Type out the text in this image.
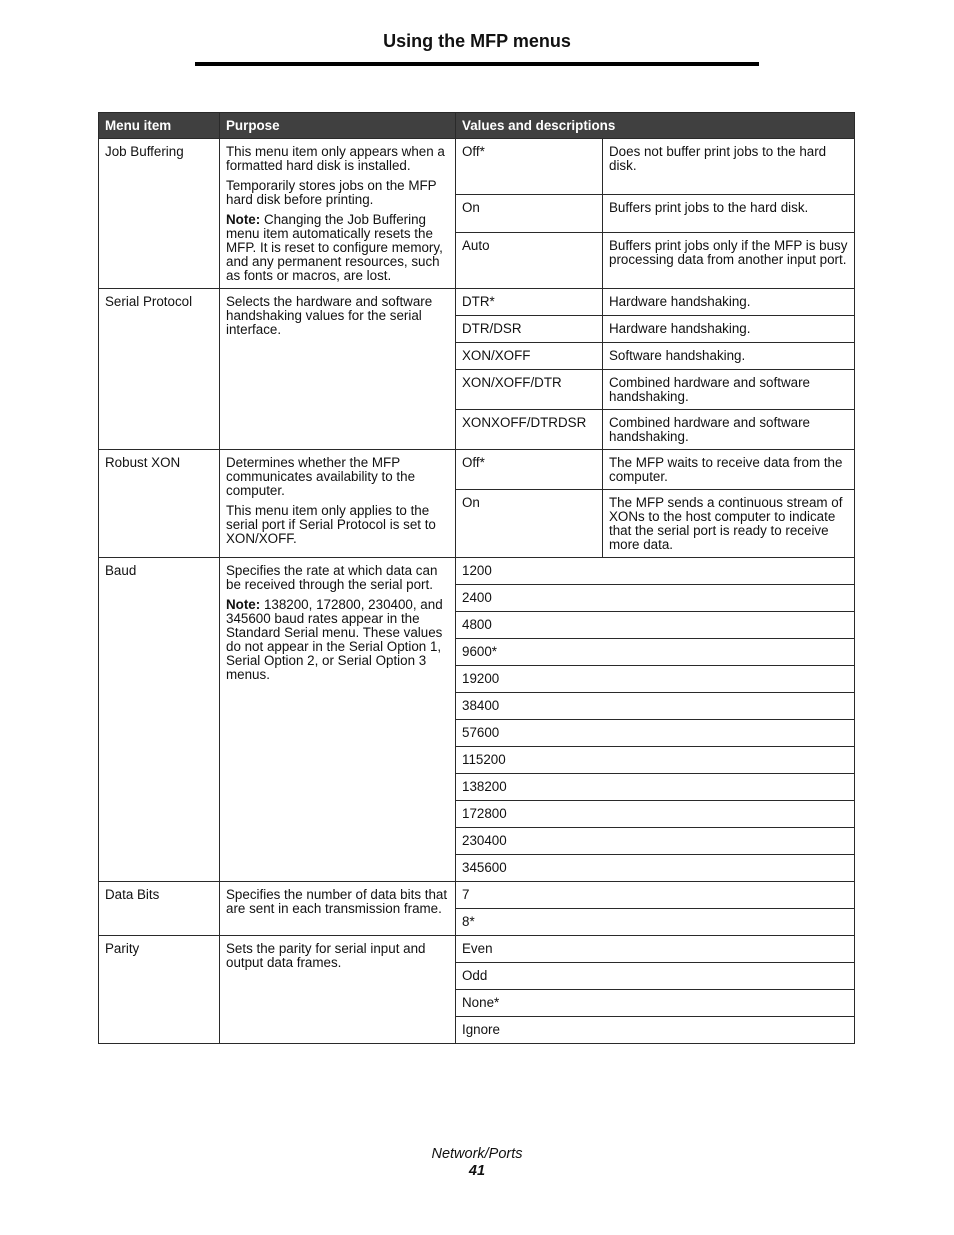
Using the MFP menus
Menu item	Purpose	Values and descriptions	
Job Buffering	This menu item only appears when a formatted hard disk is installed.

Temporarily stores jobs on the MFP hard disk before printing.

Note: Changing the Job Buffering menu item automatically resets the MFP. It is reset to configure memory, and any permanent resources, such as fonts or macros, are lost.	Off*	Does not buffer print jobs to the hard disk.
		On	Buffers print jobs to the hard disk.
		Auto	Buffers print jobs only if the MFP is busy processing data from another input port.
Serial Protocol	Selects the hardware and software handshaking values for the serial interface.	DTR*	Hardware handshaking.
		DTR/DSR	Hardware handshaking.
		XON/XOFF	Software handshaking.
		XON/XOFF/DTR	Combined hardware and software handshaking.
		XONXOFF/DTRDSR	Combined hardware and software handshaking.
Robust XON	Determines whether the MFP communicates availability to the computer.

This menu item only applies to the serial port if Serial Protocol is set to XON/XOFF.	Off*	The MFP waits to receive data from the computer.
		On	The MFP sends a continuous stream of XONs to the host computer to indicate that the serial port is ready to receive more data.
Baud	Specifies the rate at which data can be received through the serial port.

Note: 138200, 172800, 230400, and 345600 baud rates appear in the Standard Serial menu. These values do not appear in the Serial Option 1, Serial Option 2, or Serial Option 3 menus.	1200	
		2400	
		4800	
		9600*	
		19200	
		38400	
		57600	
		115200	
		138200	
		172800	
		230400	
		345600	
Data Bits	Specifies the number of data bits that are sent in each transmission frame.	7	
		8*	
Parity	Sets the parity for serial input and output data frames.	Even	
		Odd	
		None*	
		Ignore	
Network/Ports
41
